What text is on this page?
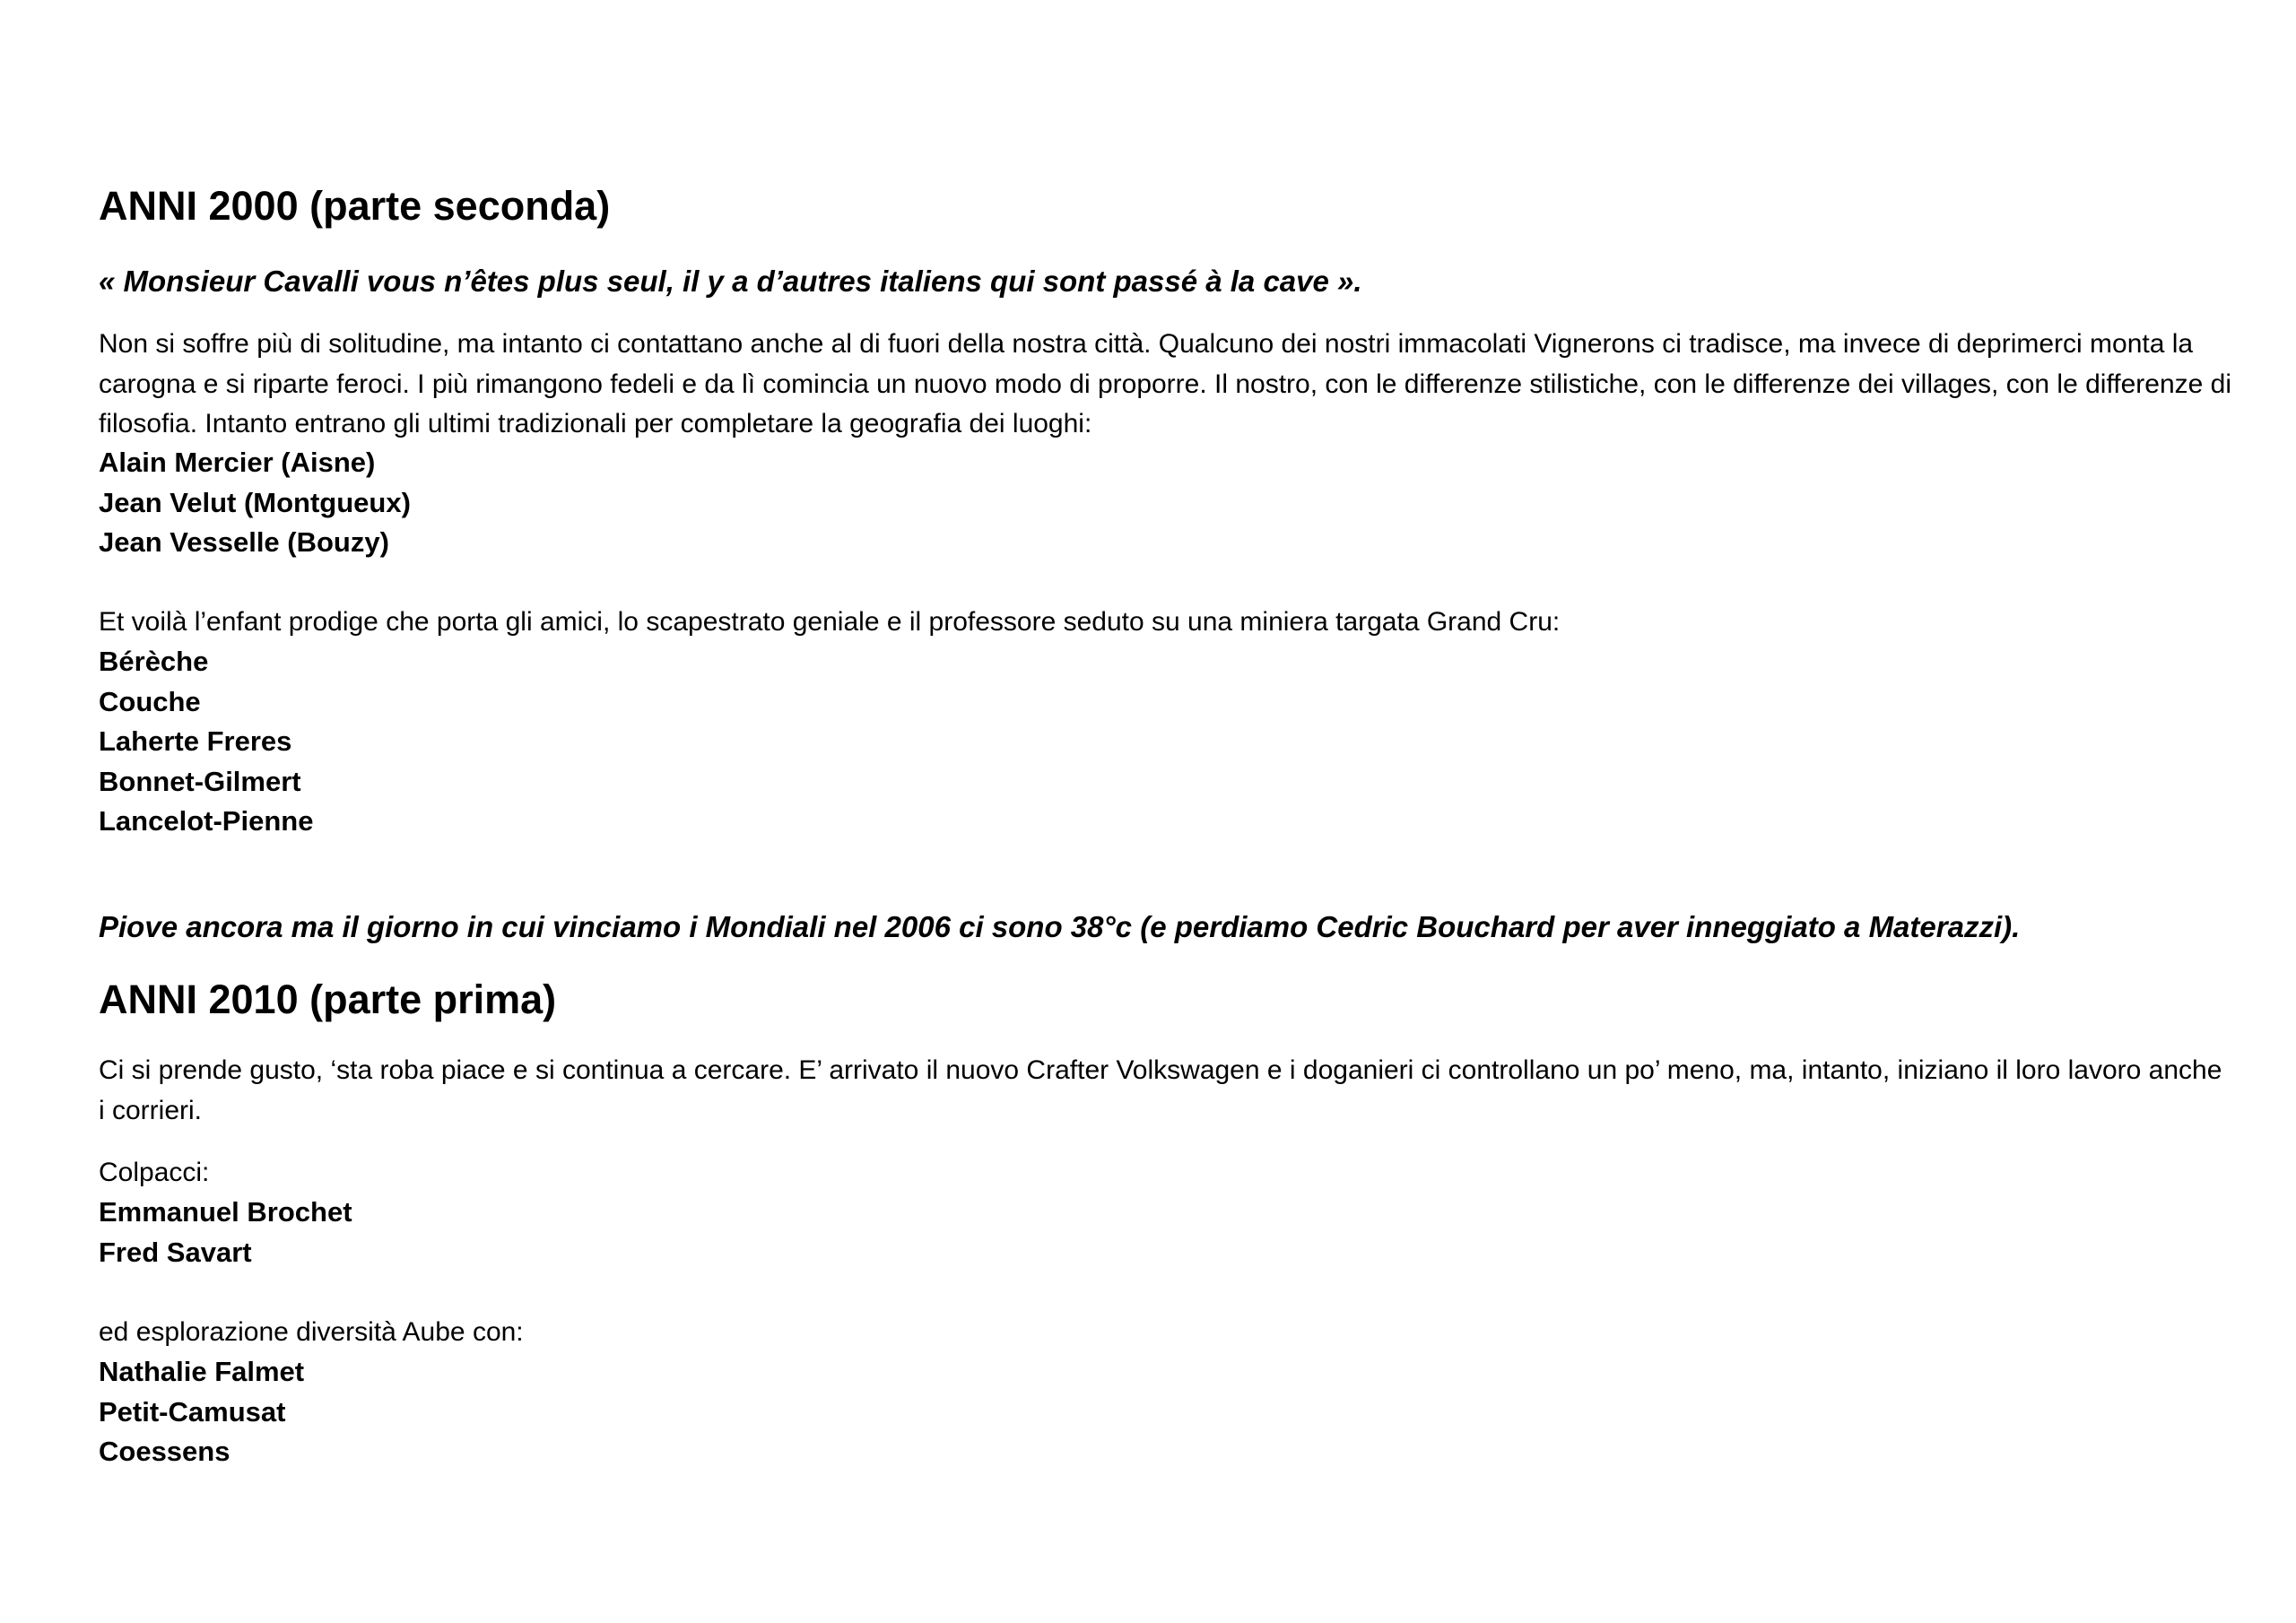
ANNI 2000 (parte seconda)

« Monsieur Cavalli vous n’êtes plus seul, il y a d’autres italiens qui sont passé à la cave ».

Non si soffre più di solitudine, ma intanto ci contattano anche al di fuori della nostra città. Qualcuno dei nostri immacolati Vignerons ci tradisce, ma invece di deprimerci monta la carogna e si riparte feroci. I più rimangono fedeli e da lì comincia un nuovo modo di proporre. Il nostro, con le differenze stilistiche, con le differenze dei villages, con le differenze di filosofia. Intanto entrano gli ultimi tradizionali per completare la geografia dei luoghi:

Alain Mercier (Aisne)
Jean Velut (Montgueux)
Jean Vesselle (Bouzy)

Et voilà l’enfant prodige che porta gli amici, lo scapestrato geniale e il professore seduto su una miniera targata Grand Cru:

Bérèche
Couche
Laherte Freres
Bonnet-Gilmert
Lancelot-Pienne

Piove ancora ma il giorno in cui vinciamo i Mondiali nel 2006 ci sono 38°c (e perdiamo Cedric Bouchard per aver inneggiato a Materazzi).

ANNI 2010 (parte prima)

Ci si prende gusto, ‘sta roba piace e si continua a cercare. E’ arrivato il nuovo Crafter Volkswagen e i doganieri ci controllano un po’ meno, ma, intanto, iniziano il loro lavoro anche i corrieri.

Colpacci:

Emmanuel Brochet
Fred Savart

ed esplorazione diversità Aube con:

Nathalie Falmet
Petit-Camusat
Coessens
